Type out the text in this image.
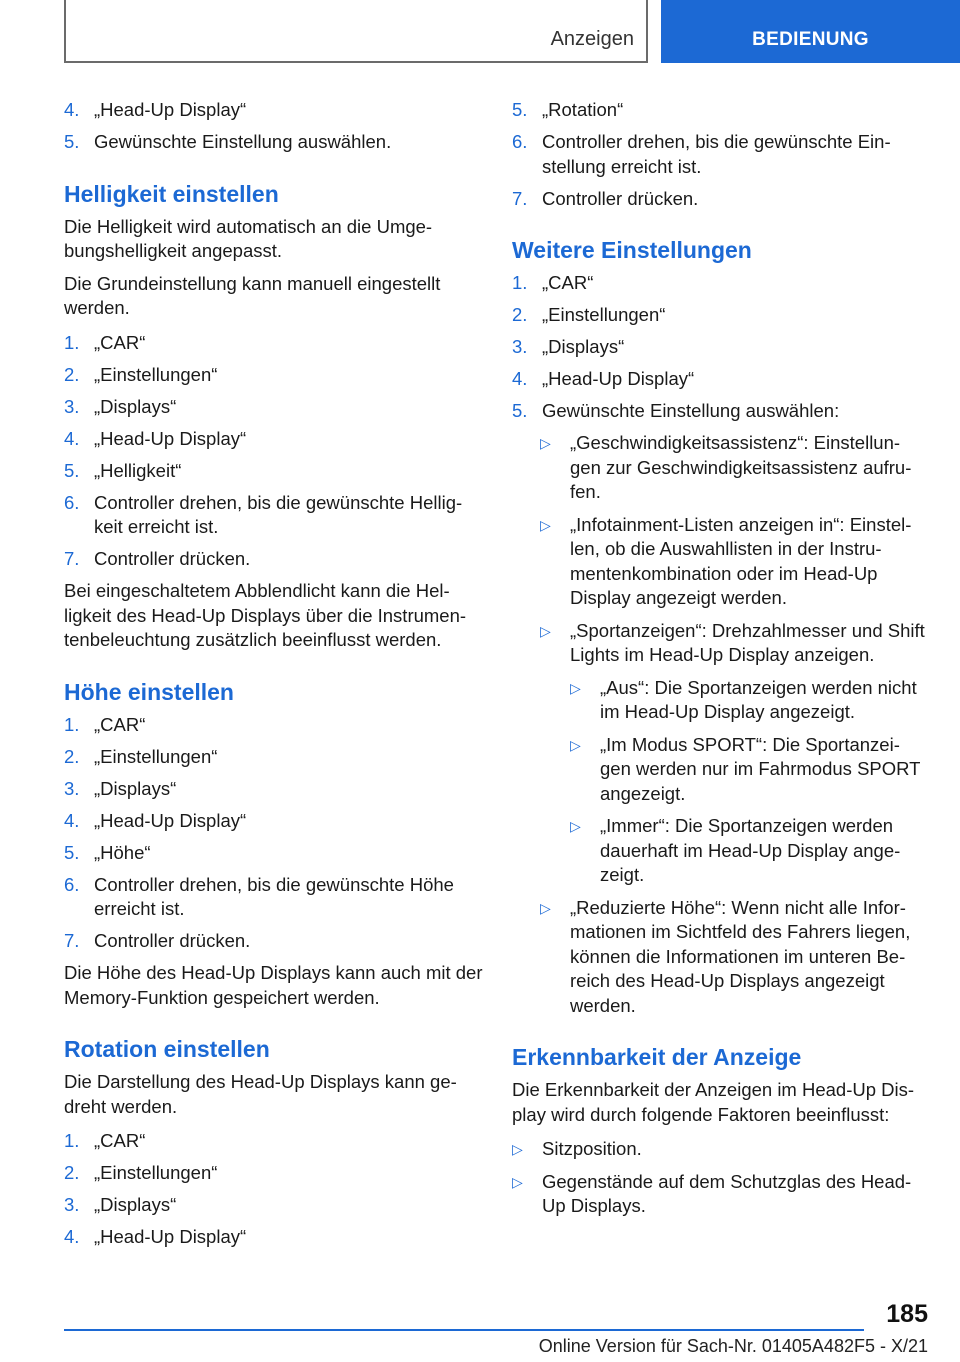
Anzeigen	BEDIENUNG
4. „Head-Up Display“
5. Gewünschte Einstellung auswählen.
Helligkeit einstellen

Die Helligkeit wird automatisch an die Umge‐ bungshelligkeit angepasst.

Die Grundeinstellung kann manuell eingestellt werden.

1. „CAR“
2. „Einstellungen“
3. „Displays“
4. „Head-Up Display“
5. „Helligkeit“
6. Controller drehen, bis die gewünschte Hellig‐ keit erreicht ist.
7. Controller drücken.

Bei eingeschaltetem Abblendlicht kann die Hel‐ ligkeit des Head-Up Displays über die Instrumen‐ tenbeleuchtung zusätzlich beeinflusst werden.

Höhe einstellen
1. „CAR“
2. „Einstellungen“
3. „Displays“
4. „Head-Up Display“
5. „Höhe“
6. Controller drehen, bis die gewünschte Höhe erreicht ist.
7. Controller drücken.

Die Höhe des Head-Up Displays kann auch mit der Memory-Funktion gespeichert werden.

Rotation einstellen

Die Darstellung des Head-Up Displays kann ge‐ dreht werden.

1. „CAR“
2. „Einstellungen“
3. „Displays“
4. „Head-Up Display“
5. „Rotation“
6. Controller drehen, bis die gewünschte Ein‐ stellung erreicht ist.
7. Controller drücken.
Weitere Einstellungen
1. „CAR“
2. „Einstellungen“
3. „Displays“
4. „Head-Up Display“
5. Gewünschte Einstellung auswählen:
▷ „Geschwindigkeitsassistenz“: Einstellun‐ gen zur Geschwindigkeitsassistenz aufru‐ fen.
▷ „Infotainment-Listen anzeigen in“: Einstel‐ len, ob die Auswahllisten in der Instru‐ mentenkombination oder im Head-Up Display angezeigt werden.
▷ „Sportanzeigen“: Drehzahlmesser und Shift Lights im Head-Up Display anzeigen.
▷ „Aus“: Die Sportanzeigen werden nicht im Head-Up Display angezeigt.
▷ „Im Modus SPORT“: Die Sportanzei‐ gen werden nur im Fahrmodus SPORT angezeigt.
▷ „Immer“: Die Sportanzeigen werden dauerhaft im Head-Up Display ange‐ zeigt.
▷ „Reduzierte Höhe“: Wenn nicht alle Infor‐ mationen im Sichtfeld des Fahrers liegen, können die Informationen im unteren Be‐ reich des Head-Up Displays angezeigt werden.
Erkennbarkeit der Anzeige

Die Erkennbarkeit der Anzeigen im Head-Up Dis‐ play wird durch folgende Faktoren beeinflusst:

▷ Sitzposition.
▷ Gegenstände auf dem Schutzglas des Head- Up Displays.
185
Online Version für Sach-Nr. 01405A482F5 - X/21
